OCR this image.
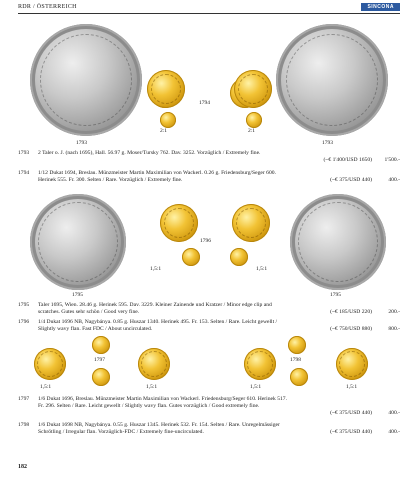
RDR / ÖSTERREICH	SINCONA
1793
1794
2:1	2:1
1793
1793 2 Taler o. J. (nach 1695), Hall. 56.97 g. Moser/Tursky 762. Dav. 3252. Vorzüglich / Extremely fine.
(~€ 1'400/USD 1650) 1'500.-
1794 1/12 Dukat 1694, Breslau. Münzmeister Martin Maximilian von Wackerl. 0.26 g. Friedensburg/Seger 600.
Herinek 555. Fr. 300. Selten / Rare. Vorzüglich / Extremely fine.	400.-
(~€ 375/USD 440)
1796
1,5:1	1,5:1
1795	1795
1795 Taler 1695, Wien. 28.46 g. Herinek 595. Dav. 3229. Kleiner Zainende und Kratzer / Minor edge clip and
scratches. Gutes sehr schön / Good very fine.	200.-
(~€ 185/USD 220)
1796 1/4 Dukat 1696 NB, Nagybánya. 0.85 g. Huszar 1340. Herinek 495. Fr. 153. Selten / Rare. Leicht gewellt /
Slightly wavy flan. Fast FDC / About uncirculated.	800.-
(~€ 750/USD 880)
1797	1798
1,5:1	1,5:1	1,5:1	1,5:1
1797 1/6 Dukat 1696, Breslau. Münzmeister Martin Maximilian von Wackerl. Friedensburg/Seger 610. Herinek 517.
Fr. 296. Selten / Rare. Leicht gewellt / Slightly wavy flan. Gutes vorzüglich / Good extremely fine.
(~€ 375/USD 440)	400.-
1798 1/6 Dukat 1698 NB, Nagybánya. 0.55 g. Huszar 1345. Herinek 532. Fr. 154. Selten / Rare. Unregelmässiger
Schrötling / Irregular flan. Vorzüglich-FDC / Extremely fine-uncirculated.	400.-
(~€ 375/USD 440)
182
